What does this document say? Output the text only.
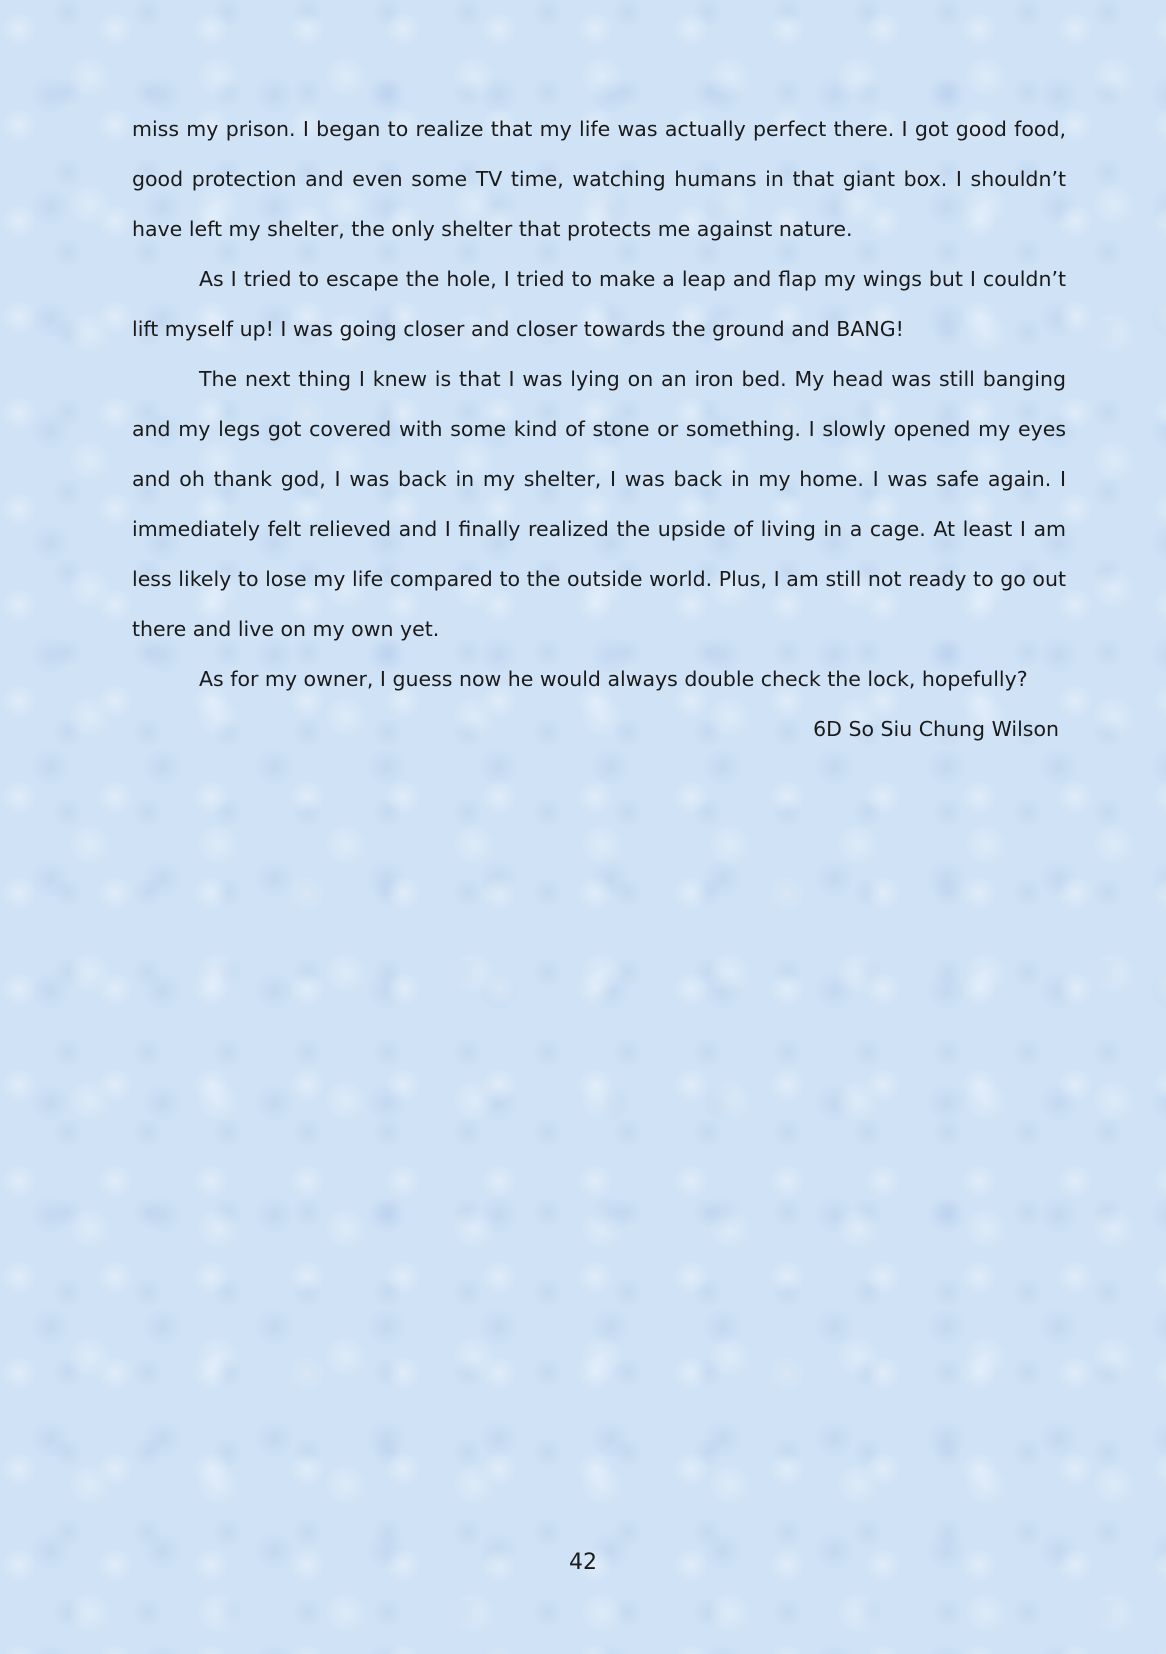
miss my prison. I began to realize that my life was actually perfect there. I got good food, good protection and even some TV time, watching humans in that giant box. I shouldn’t have left my shelter, the only shelter that protects me against nature.

As I tried to escape the hole, I tried to make a leap and flap my wings but I couldn’t lift myself up! I was going closer and closer towards the ground and BANG!

The next thing I knew is that I was lying on an iron bed. My head was still banging and my legs got covered with some kind of stone or something. I slowly opened my eyes and oh thank god, I was back in my shelter, I was back in my home. I was safe again. I immediately felt relieved and I finally realized the upside of living in a cage. At least I am less likely to lose my life compared to the outside world. Plus, I am still not ready to go out there and live on my own yet.

As for my owner, I guess now he would always double check the lock, hopefully?

6D So Siu Chung Wilson

42
